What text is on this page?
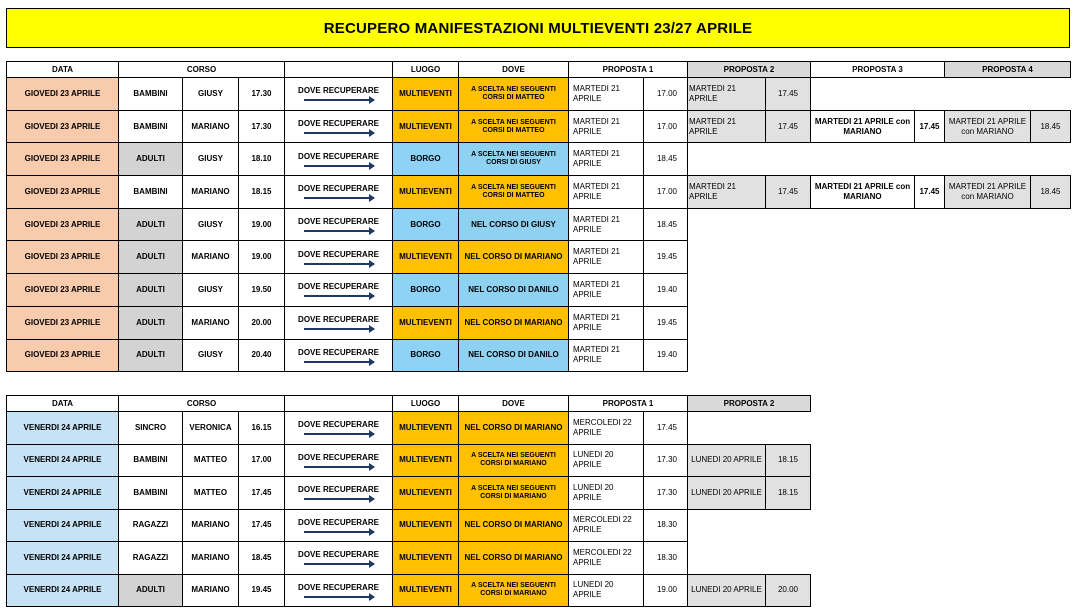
RECUPERO MANIFESTAZIONI MULTIEVENTI 23/27 APRILE
DATA	CORSO				LUOGO	DOVE	PROPOSTA 1		PROPOSTA 2		PROPOSTA 3		PROPOSTA 4	
GIOVEDI 23 APRILE	BAMBINI	GIUSY	17.30	DOVE RECUPERARE	MULTIEVENTI	A SCELTA NEI SEGUENTI CORSI DI MATTEO	MARTEDI 21 APRILE	17.00	MARTEDI 21 APRILE	17.45				
GIOVEDI 23 APRILE	BAMBINI	MARIANO	17.30	DOVE RECUPERARE	MULTIEVENTI	A SCELTA NEI SEGUENTI CORSI DI MATTEO	MARTEDI 21 APRILE	17.00	MARTEDI 21 APRILE	17.45	MARTEDI 21 APRILE con MARIANO	17.45	MARTEDI 21 APRILE con MARIANO	18.45
GIOVEDI 23 APRILE	ADULTI	GIUSY	18.10	DOVE RECUPERARE	BORGO	A SCELTA NEI SEGUENTI CORSI DI GIUSY	MARTEDI 21 APRILE	18.45						
GIOVEDI 23 APRILE	BAMBINI	MARIANO	18.15	DOVE RECUPERARE	MULTIEVENTI	A SCELTA NEI SEGUENTI CORSI DI MATTEO	MARTEDI 21 APRILE	17.00	MARTEDI 21 APRILE	17.45	MARTEDI 21 APRILE con MARIANO	17.45	MARTEDI 21 APRILE con MARIANO	18.45
GIOVEDI 23 APRILE	ADULTI	GIUSY	19.00	DOVE RECUPERARE	BORGO	NEL CORSO DI GIUSY	MARTEDI 21 APRILE	18.45						
GIOVEDI 23 APRILE	ADULTI	MARIANO	19.00	DOVE RECUPERARE	MULTIEVENTI	NEL CORSO DI MARIANO	MARTEDI 21 APRILE	19.45						
GIOVEDI 23 APRILE	ADULTI	GIUSY	19.50	DOVE RECUPERARE	BORGO	NEL CORSO DI DANILO	MARTEDI 21 APRILE	19.40						
GIOVEDI 23 APRILE	ADULTI	MARIANO	20.00	DOVE RECUPERARE	MULTIEVENTI	NEL CORSO DI MARIANO	MARTEDI 21 APRILE	19.45						
GIOVEDI 23 APRILE	ADULTI	GIUSY	20.40	DOVE RECUPERARE	BORGO	NEL CORSO DI DANILO	MARTEDI 21 APRILE	19.40						
DATA	CORSO				LUOGO	DOVE	PROPOSTA 1		PROPOSTA 2	
VENERDI 24 APRILE	SINCRO	VERONICA	16.15	DOVE RECUPERARE	MULTIEVENTI	NEL CORSO DI MARIANO	MERCOLEDI 22 APRILE	17.45		
VENERDI 24 APRILE	BAMBINI	MATTEO	17.00	DOVE RECUPERARE	MULTIEVENTI	A SCELTA NEI SEGUENTI CORSI DI MARIANO	LUNEDI 20 APRILE	17.30	LUNEDI 20 APRILE	18.15
VENERDI 24 APRILE	BAMBINI	MATTEO	17.45	DOVE RECUPERARE	MULTIEVENTI	A SCELTA NEI SEGUENTI CORSI DI MARIANO	LUNEDI 20 APRILE	17.30	LUNEDI 20 APRILE	18.15
VENERDI 24 APRILE	RAGAZZI	MARIANO	17.45	DOVE RECUPERARE	MULTIEVENTI	NEL CORSO DI MARIANO	MERCOLEDI 22 APRILE	18.30		
VENERDI 24 APRILE	RAGAZZI	MARIANO	18.45	DOVE RECUPERARE	MULTIEVENTI	NEL CORSO DI MARIANO	MERCOLEDI 22 APRILE	18.30		
VENERDI 24 APRILE	ADULTI	MARIANO	19.45	DOVE RECUPERARE	MULTIEVENTI	A SCELTA NEI SEGUENTI CORSI DI MARIANO	LUNEDI 20 APRILE	19.00	LUNEDI 20 APRILE	20.00
